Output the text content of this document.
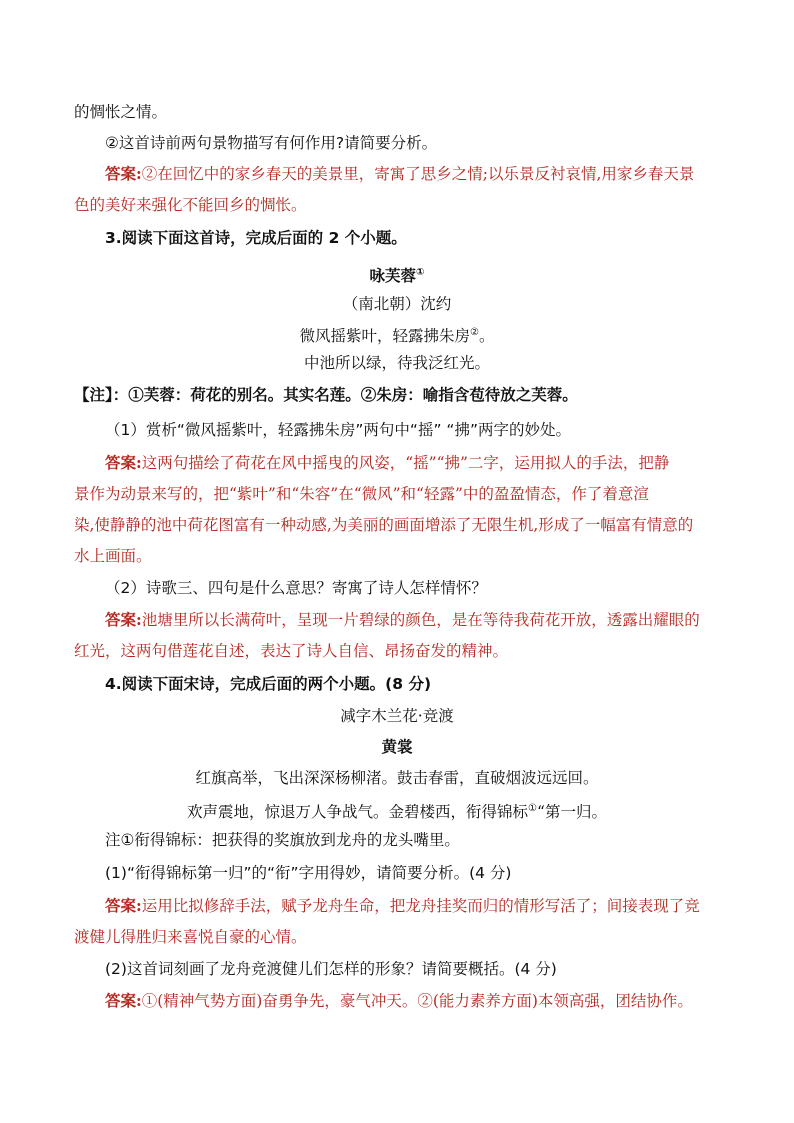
的惆怅之情。
②这首诗前两句景物描写有何作用?请简要分析。
答案:②在回忆中的家乡春天的美景里，寄寓了思乡之情;以乐景反衬哀情,用家乡春天景
色的美好来强化不能回乡的惆怅。
3.阅读下面这首诗，完成后面的 2 个小题。
咏芙蓉①
（南北朝）沈约
微风摇紫叶，轻露拂朱房②。
中池所以绿，待我泛红光。
【注】：①芙蓉：荷花的别名。其实名莲。②朱房：喻指含苞待放之芙蓉。
（1）赏析“微风摇紫叶，轻露拂朱房”两句中“摇” “拂”两字的妙处。
答案:这两句描绘了荷花在风中摇曳的风姿，“摇”“拂”二字，运用拟人的手法，把静
景作为动景来写的，把“紫叶”和“朱容”在“微风”和“轻露”中的盈盈情态，作了着意渲
染,使静静的池中荷花图富有一种动感,为美丽的画面增添了无限生机,形成了一幅富有情意的
水上画面。
（2）诗歌三、四句是什么意思？寄寓了诗人怎样情怀？
答案:池塘里所以长满荷叶，呈现一片碧绿的颜色，是在等待我荷花开放，透露出耀眼的
红光，这两句借莲花自述，表达了诗人自信、昂扬奋发的精神。
4.阅读下面宋诗，完成后面的两个小题。(8 分)
减字木兰花·竞渡
黄裳
红旗高举，飞出深深杨柳渚。鼓击春雷，直破烟波远远回。
欢声震地，惊退万人争战气。金碧楼西，衔得锦标①“第一归。
注①衔得锦标：把获得的奖旗放到龙舟的龙头嘴里。
(1)“衔得锦标第一归”的“衔”字用得妙，请简要分析。(4 分)
答案:运用比拟修辞手法，赋予龙舟生命，把龙舟挂奖而归的情形写活了；间接表现了竞
渡健儿得胜归来喜悦自豪的心情。
(2)这首词刻画了龙舟竞渡健儿们怎样的形象？请简要概括。(4 分)
答案:①(精神气势方面)奋勇争先，豪气冲天。②(能力素养方面)本领高强，团结协作。
